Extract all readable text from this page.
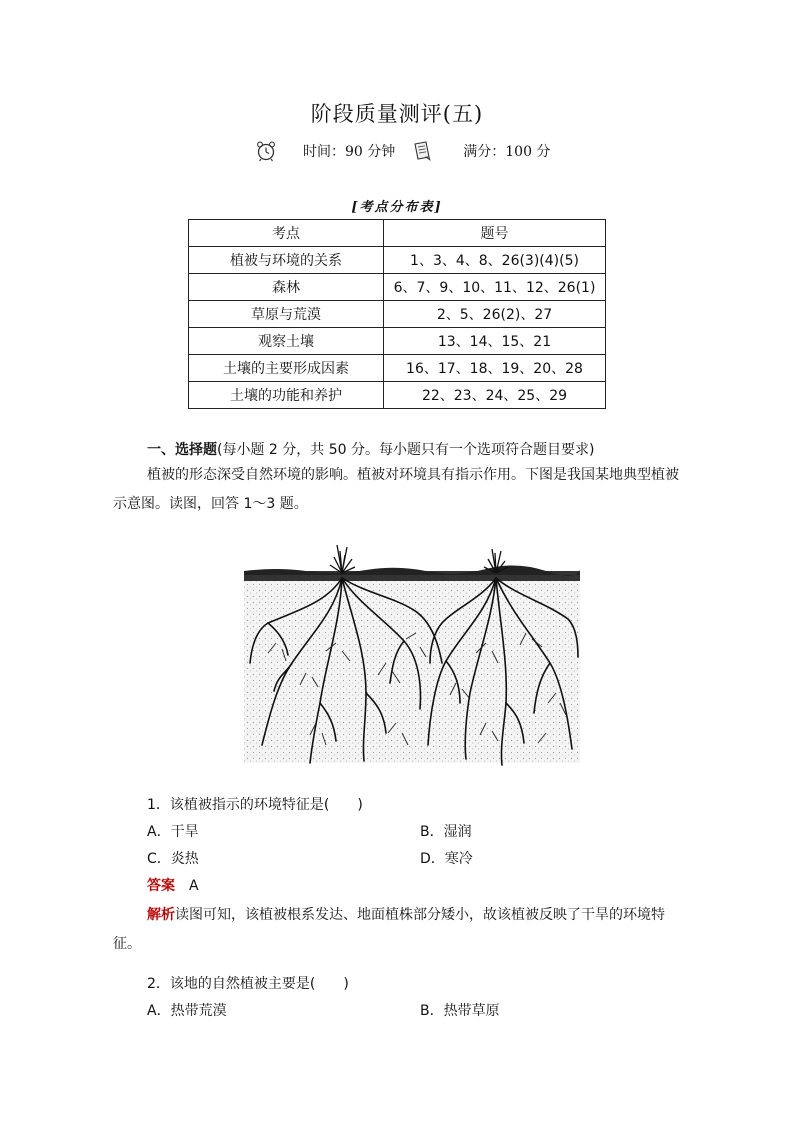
阶段质量测评(五)
时间：90 分钟	满分：100 分
[考点分布表]
考点	题号
植被与环境的关系	1、3、4、8、26(3)(4)(5)
森林	6、7、9、10、11、12、26(1)
草原与荒漠	2、5、26(2)、27
观察土壤	13、14、15、21
土壤的主要形成因素	16、17、18、19、20、28
土壤的功能和养护	22、23、24、25、29
一、选择题(每小题 2 分，共 50 分。每小题只有一个选项符合题目要求)
植被的形态深受自然环境的影响。植被对环境具有指示作用。下图是我国某地典型植被示意图。读图，回答 1～3 题。
1．该植被指示的环境特征是(　　)
A．干旱	B．湿润
C．炎热	D．寒冷
答案 A
解析读图可知，该植被根系发达、地面植株部分矮小，故该植被反映了干旱的环境特征。
2．该地的自然植被主要是(　　)
A．热带荒漠	B．热带草原
